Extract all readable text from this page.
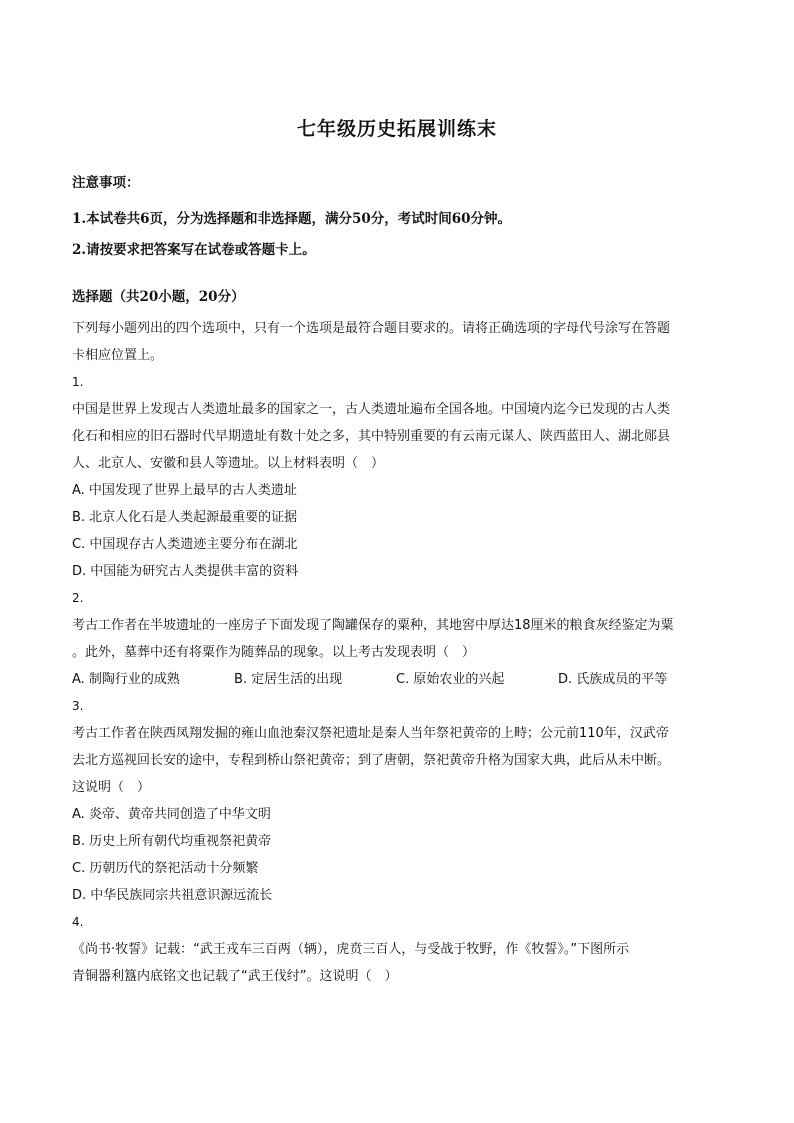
七年级历史拓展训练末
注意事项：
1.本试卷共6页，分为选择题和非选择题，满分50分，考试时间60分钟。
2.请按要求把答案写在试卷或答题卡上。
选择题（共20小题，20分）
下列每小题列出的四个选项中，只有一个选项是最符合题目要求的。请将正确选项的字母代号涂写在答题
卡相应位置上。
1.
中国是世界上发现古人类遗址最多的国家之一，古人类遗址遍布全国各地。中国境内迄今已发现的古人类
化石和相应的旧石器时代早期遗址有数十处之多，其中特别重要的有云南元谋人、陕西蓝田人、湖北郧县
人、北京人、安徽和县人等遗址。以上材料表明（　）
A. 中国发现了世界上最早的古人类遗址
B. 北京人化石是人类起源最重要的证据
C. 中国现存古人类遗迹主要分布在湖北
D. 中国能为研究古人类提供丰富的资料
2.
考古工作者在半坡遗址的一座房子下面发现了陶罐保存的粟种，其地窖中厚达18厘米的粮食灰经鉴定为粟
。此外，墓葬中还有将粟作为随葬品的现象。以上考古发现表明（　）
A. 制陶行业的成熟	B. 定居生活的出现	C. 原始农业的兴起	D. 氏族成员的平等
3.
考古工作者在陕西凤翔发掘的雍山血池秦汉祭祀遗址是秦人当年祭祀黄帝的上畤；公元前110年，汉武帝
去北方巡视回长安的途中，专程到桥山祭祀黄帝；到了唐朝，祭祀黄帝升格为国家大典，此后从未中断。
这说明（　）
A. 炎帝、黄帝共同创造了中华文明
B. 历史上所有朝代均重视祭祀黄帝
C. 历朝历代的祭祀活动十分频繁
D. 中华民族同宗共祖意识源远流长
4.
《尚书·牧誓》记载：“武王戎车三百两（辆），虎贲三百人，与受战于牧野，作《牧誓》。”下图所示
青铜器利簋内底铭文也记载了“武王伐纣”。这说明（　）
